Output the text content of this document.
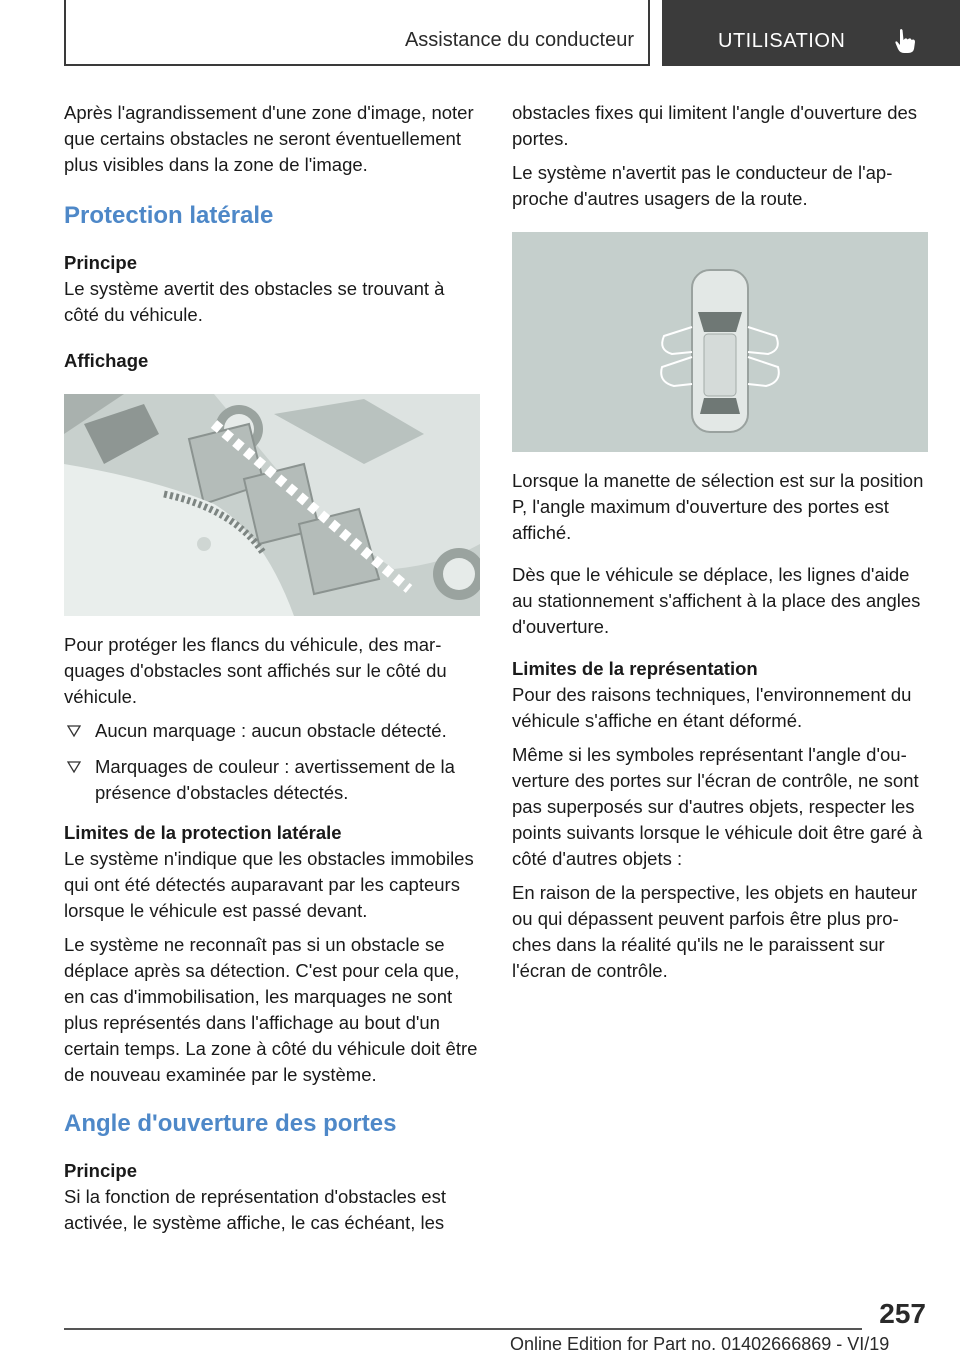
Assistance du conducteur	UTILISATION

Après l'agrandissement d'une zone d'image, noter que certains obstacles ne seront éventuellement plus visibles dans la zone de l'image.

Protection latérale
Principe

Le système avertit des obstacles se trouvant à côté du véhicule.

Affichage

Pour protéger les flancs du véhicule, des marquages d'obstacles sont affichés sur le côté du véhicule.

Aucun marquage : aucun obstacle détecté.
Marquages de couleur : avertissement de la présence d'obstacles détectés.
Limites de la protection latérale

Le système n'indique que les obstacles immobiles qui ont été détectés auparavant par les capteurs lorsque le véhicule est passé devant.

Le système ne reconnaît pas si un obstacle se déplace après sa détection. C'est pour cela que, en cas d'immobilisation, les marquages ne sont plus représentés dans l'affichage au bout d'un certain temps. La zone à côté du véhicule doit être de nouveau examinée par le système.

Angle d'ouverture des portes
Principe

Si la fonction de représentation d'obstacles est activée, le système affiche, le cas échéant, les

obstacles fixes qui limitent l'angle d'ouverture des portes.

Le système n'avertit pas le conducteur de l'approche d'autres usagers de la route.

Lorsque la manette de sélection est sur la position P, l'angle maximum d'ouverture des portes est affiché.

Dès que le véhicule se déplace, les lignes d'aide au stationnement s'affichent à la place des angles d'ouverture.

Limites de la représentation

Pour des raisons techniques, l'environnement du véhicule s'affiche en étant déformé.

Même si les symboles représentant l'angle d'ouverture des portes sur l'écran de contrôle, ne sont pas superposés sur d'autres objets, respecter les points suivants lorsque le véhicule doit être garé à côté d'autres objets :

En raison de la perspective, les objets en hauteur ou qui dépassent peuvent parfois être plus proches dans la réalité qu'ils ne le paraissent sur l'écran de contrôle.

257
Online Edition for Part no. 01402666869 - VI/19
